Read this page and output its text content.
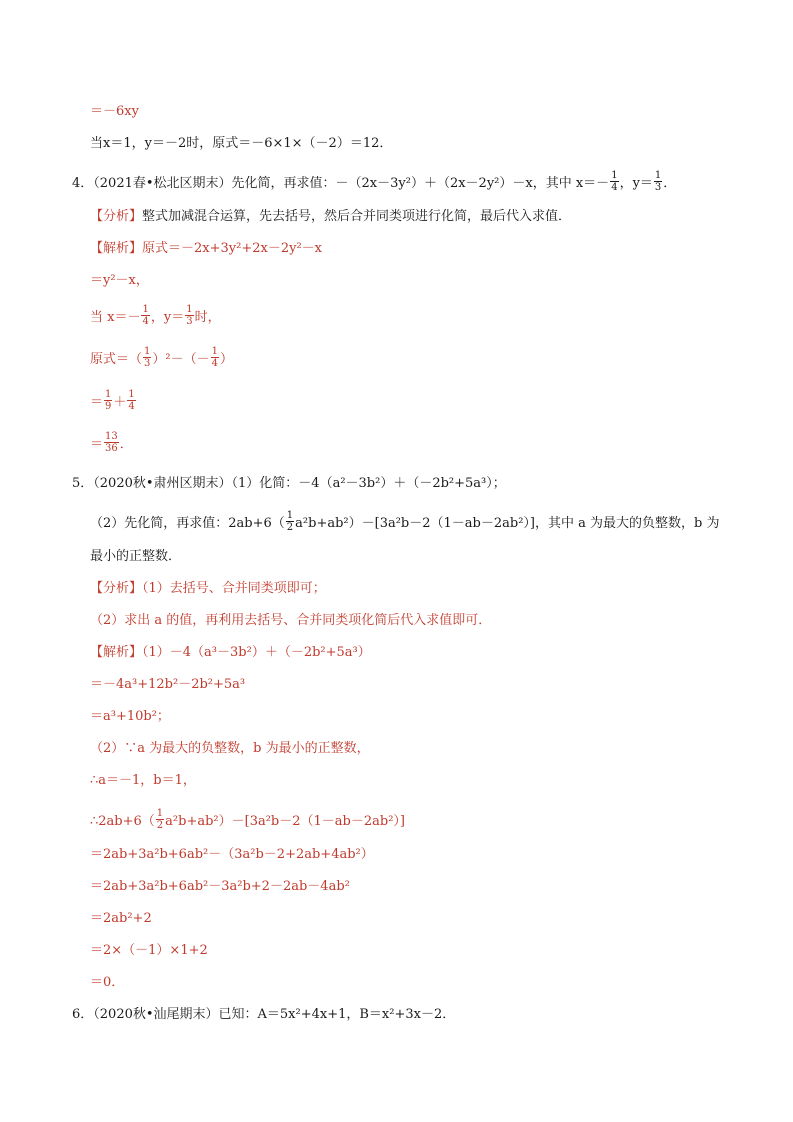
＝－6xy
当x＝1，y＝－2时，原式＝－6×1×（－2）＝12．
4．（2021春•松北区期末）先化简，再求值：－（2x－3y²）＋（2x－2y²）－x，其中 $x=- \frac{1}{4}$ ，$y= \frac{1}{3}$ ．
【分析】整式加减混合运算，先去括号，然后合并同类项进行化简，最后代入求值．
【解析】原式＝－2x+3y²+2x－2y²－x
＝y²－x，
当 $x=- \frac{1}{4}$ ，$y= \frac{1}{3}$ 时，
原式＝（ $\frac{1}{3} )^2-(- \frac{1}{4}$ ）
＝ $\frac{1}{9} + \frac{1}{4}$
＝ $\frac{13}{36}$ ．
5．（2020秋•肃州区期末）（1）化简：－4（a²－3b²）＋（－2b²+5a³）；
（2）先化简，再求值：$2ab+6( \frac{1}{2} a^2b+ab^2)-[3a^2b-2(1-ab-2ab^2)]$，其中 a 为最大的负整数，b 为
最小的正整数．
【分析】（1）去括号、合并同类项即可；
（2）求出 a 的值，再利用去括号、合并同类项化简后代入求值即可．
【解析】（1）－4（a³－3b²）＋（－2b²+5a³）
＝－4a³+12b²－2b²+5a³
＝a³+10b²；
（2）∵a 为最大的负整数，b 为最小的正整数，
∴a＝－1，b＝1，
∴2ab+6（ $\frac{1}{2} a^2b+ab^2)-[3a^2b-2(1-ab-2ab^2)]$
＝2ab+3a²b+6ab²－（3a²b－2+2ab+4ab²）
＝2ab+3a²b+6ab²－3a²b+2－2ab－4ab²
＝2ab²+2
＝2×（－1）×1+2
＝0．
6．（2020秋•汕尾期末）已知：A＝5x²+4x+1，B＝x²+3x－2．
